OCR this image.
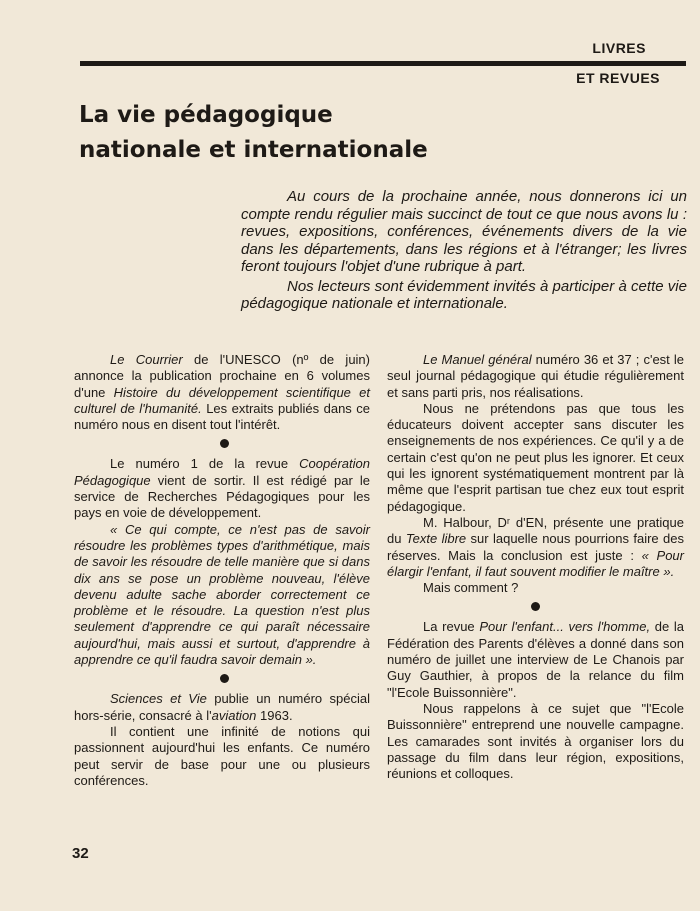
LIVRES
ET REVUES
La vie pédagogique
nationale et internationale

Au cours de la prochaine année, nous donnerons ici un compte rendu régulier mais succinct de tout ce que nous avons lu : revues, expositions, conférences, événements divers de la vie dans les départements, dans les régions et à l'étranger; les livres feront toujours l'objet d'une rubrique à part.

Nos lecteurs sont évidemment invités à participer à cette vie pédagogique nationale et internationale.

Le Courrier de l'UNESCO (nº de juin) annonce la publication prochaine en 6 volumes d'une Histoire du développement scientifique et culturel de l'humanité. Les extraits publiés dans ce numéro nous en disent tout l'intérêt.

Le numéro 1 de la revue Coopération Pédagogique vient de sortir. Il est rédigé par le service de Recherches Pédagogiques pour les pays en voie de développement.

« Ce qui compte, ce n'est pas de savoir résoudre les problèmes types d'arithmétique, mais de savoir les résoudre de telle manière que si dans dix ans se pose un problème nouveau, l'élève devenu adulte sache aborder correctement ce problème et le résoudre. La question n'est plus seulement d'apprendre ce qui paraît nécessaire aujourd'hui, mais aussi et surtout, d'apprendre à apprendre ce qu'il faudra savoir demain ».

Sciences et Vie publie un numéro spécial hors-série, consacré à l'aviation 1963.

Il contient une infinité de notions qui passionnent aujourd'hui les enfants. Ce numéro peut servir de base pour une ou plusieurs conférences.

Le Manuel général numéro 36 et 37 ; c'est le seul journal pédagogique qui étudie régulièrement et sans parti pris, nos réalisations.

Nous ne prétendons pas que tous les éducateurs doivent accepter sans discuter les enseignements de nos expériences. Ce qu'il y a de certain c'est qu'on ne peut plus les ignorer. Et ceux qui les ignorent systématiquement montrent par là même que l'esprit partisan tue chez eux tout esprit pédagogique.

M. Halbour, Dʳ d'EN, présente une pratique du Texte libre sur laquelle nous pourrions faire des réserves. Mais la conclusion est juste : « Pour élargir l'enfant, il faut souvent modifier le maître ».

Mais comment ?

La revue Pour l'enfant... vers l'homme, de la Fédération des Parents d'élèves a donné dans son numéro de juillet une interview de Le Chanois par Guy Gauthier, à propos de la relance du film "l'Ecole Buissonnière".

Nous rappelons à ce sujet que "l'Ecole Buissonnière" entreprend une nouvelle campagne. Les camarades sont invités à organiser lors du passage du film dans leur région, expositions, réunions et colloques.

32
